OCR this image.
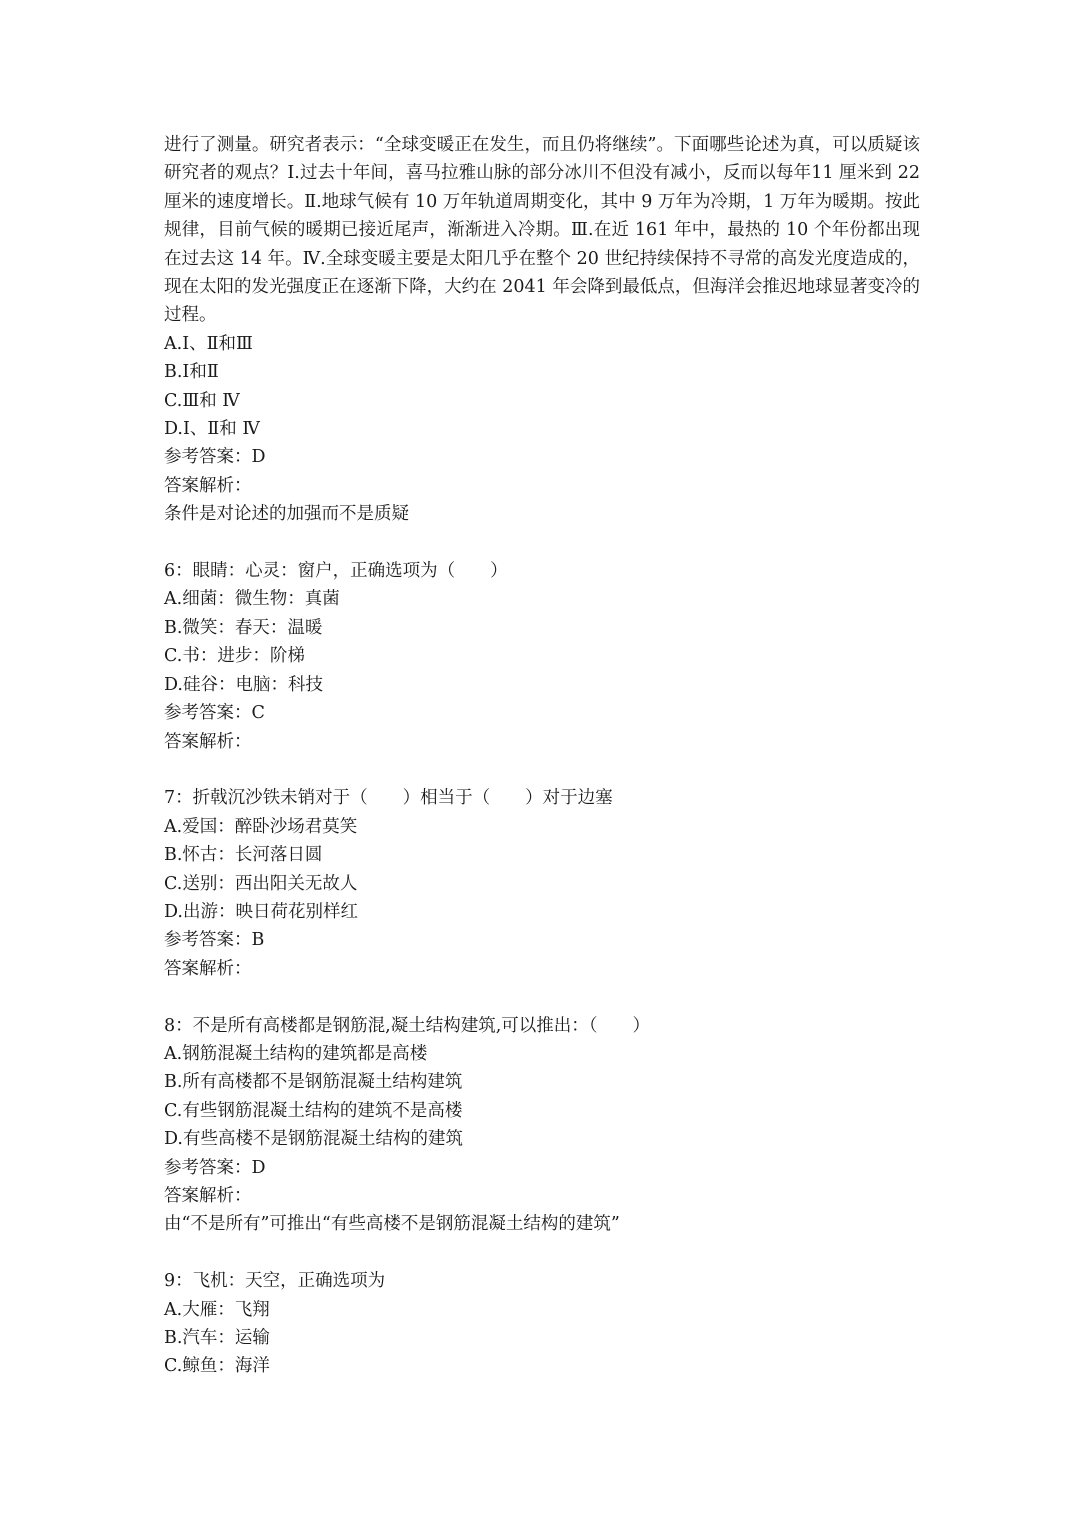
进行了测量。研究者表示：“全球变暖正在发生，而且仍将继续”。下面哪些论述为真，可以质疑该研究者的观点？I.过去十年间，喜马拉雅山脉的部分冰川不但没有减小，反而以每年11 厘米到 22 厘米的速度增长。Ⅱ.地球气候有 10 万年轨道周期变化，其中 9 万年为冷期，1 万年为暖期。按此规律，目前气候的暖期已接近尾声，渐渐进入冷期。Ⅲ.在近 161 年中，最热的 10 个年份都出现在过去这 14 年。Ⅳ.全球变暖主要是太阳几乎在整个 20 世纪持续保持不寻常的高发光度造成的，现在太阳的发光强度正在逐渐下降，大约在 2041 年会降到最低点，但海洋会推迟地球显著变冷的过程。

A.Ⅰ、Ⅱ和Ⅲ

B.Ⅰ和Ⅱ

C.Ⅲ和 Ⅳ

D.Ⅰ、Ⅱ和 Ⅳ

参考答案：D

答案解析：

条件是对论述的加强而不是质疑

6：眼睛：心灵：窗户，正确选项为（　　）

A.细菌：微生物：真菌

B.微笑：春天：温暖

C.书：进步：阶梯

D.硅谷：电脑：科技

参考答案：C

答案解析：

7：折戟沉沙铁未销对于（　　）相当于（　　）对于边塞

A.爱国：醉卧沙场君莫笑

B.怀古：长河落日圆

C.送别：西出阳关无故人

D.出游：映日荷花别样红

参考答案：B

答案解析：

8：不是所有高楼都是钢筋混,凝土结构建筑,可以推出：（　　）

A.钢筋混凝土结构的建筑都是高楼

B.所有高楼都不是钢筋混凝土结构建筑

C.有些钢筋混凝土结构的建筑不是高楼

D.有些高楼不是钢筋混凝土结构的建筑

参考答案：D

答案解析：

由“不是所有”可推出“有些高楼不是钢筋混凝土结构的建筑”

9：飞机：天空，正确选项为

A.大雁：飞翔

B.汽车：运输

C.鲸鱼：海洋
